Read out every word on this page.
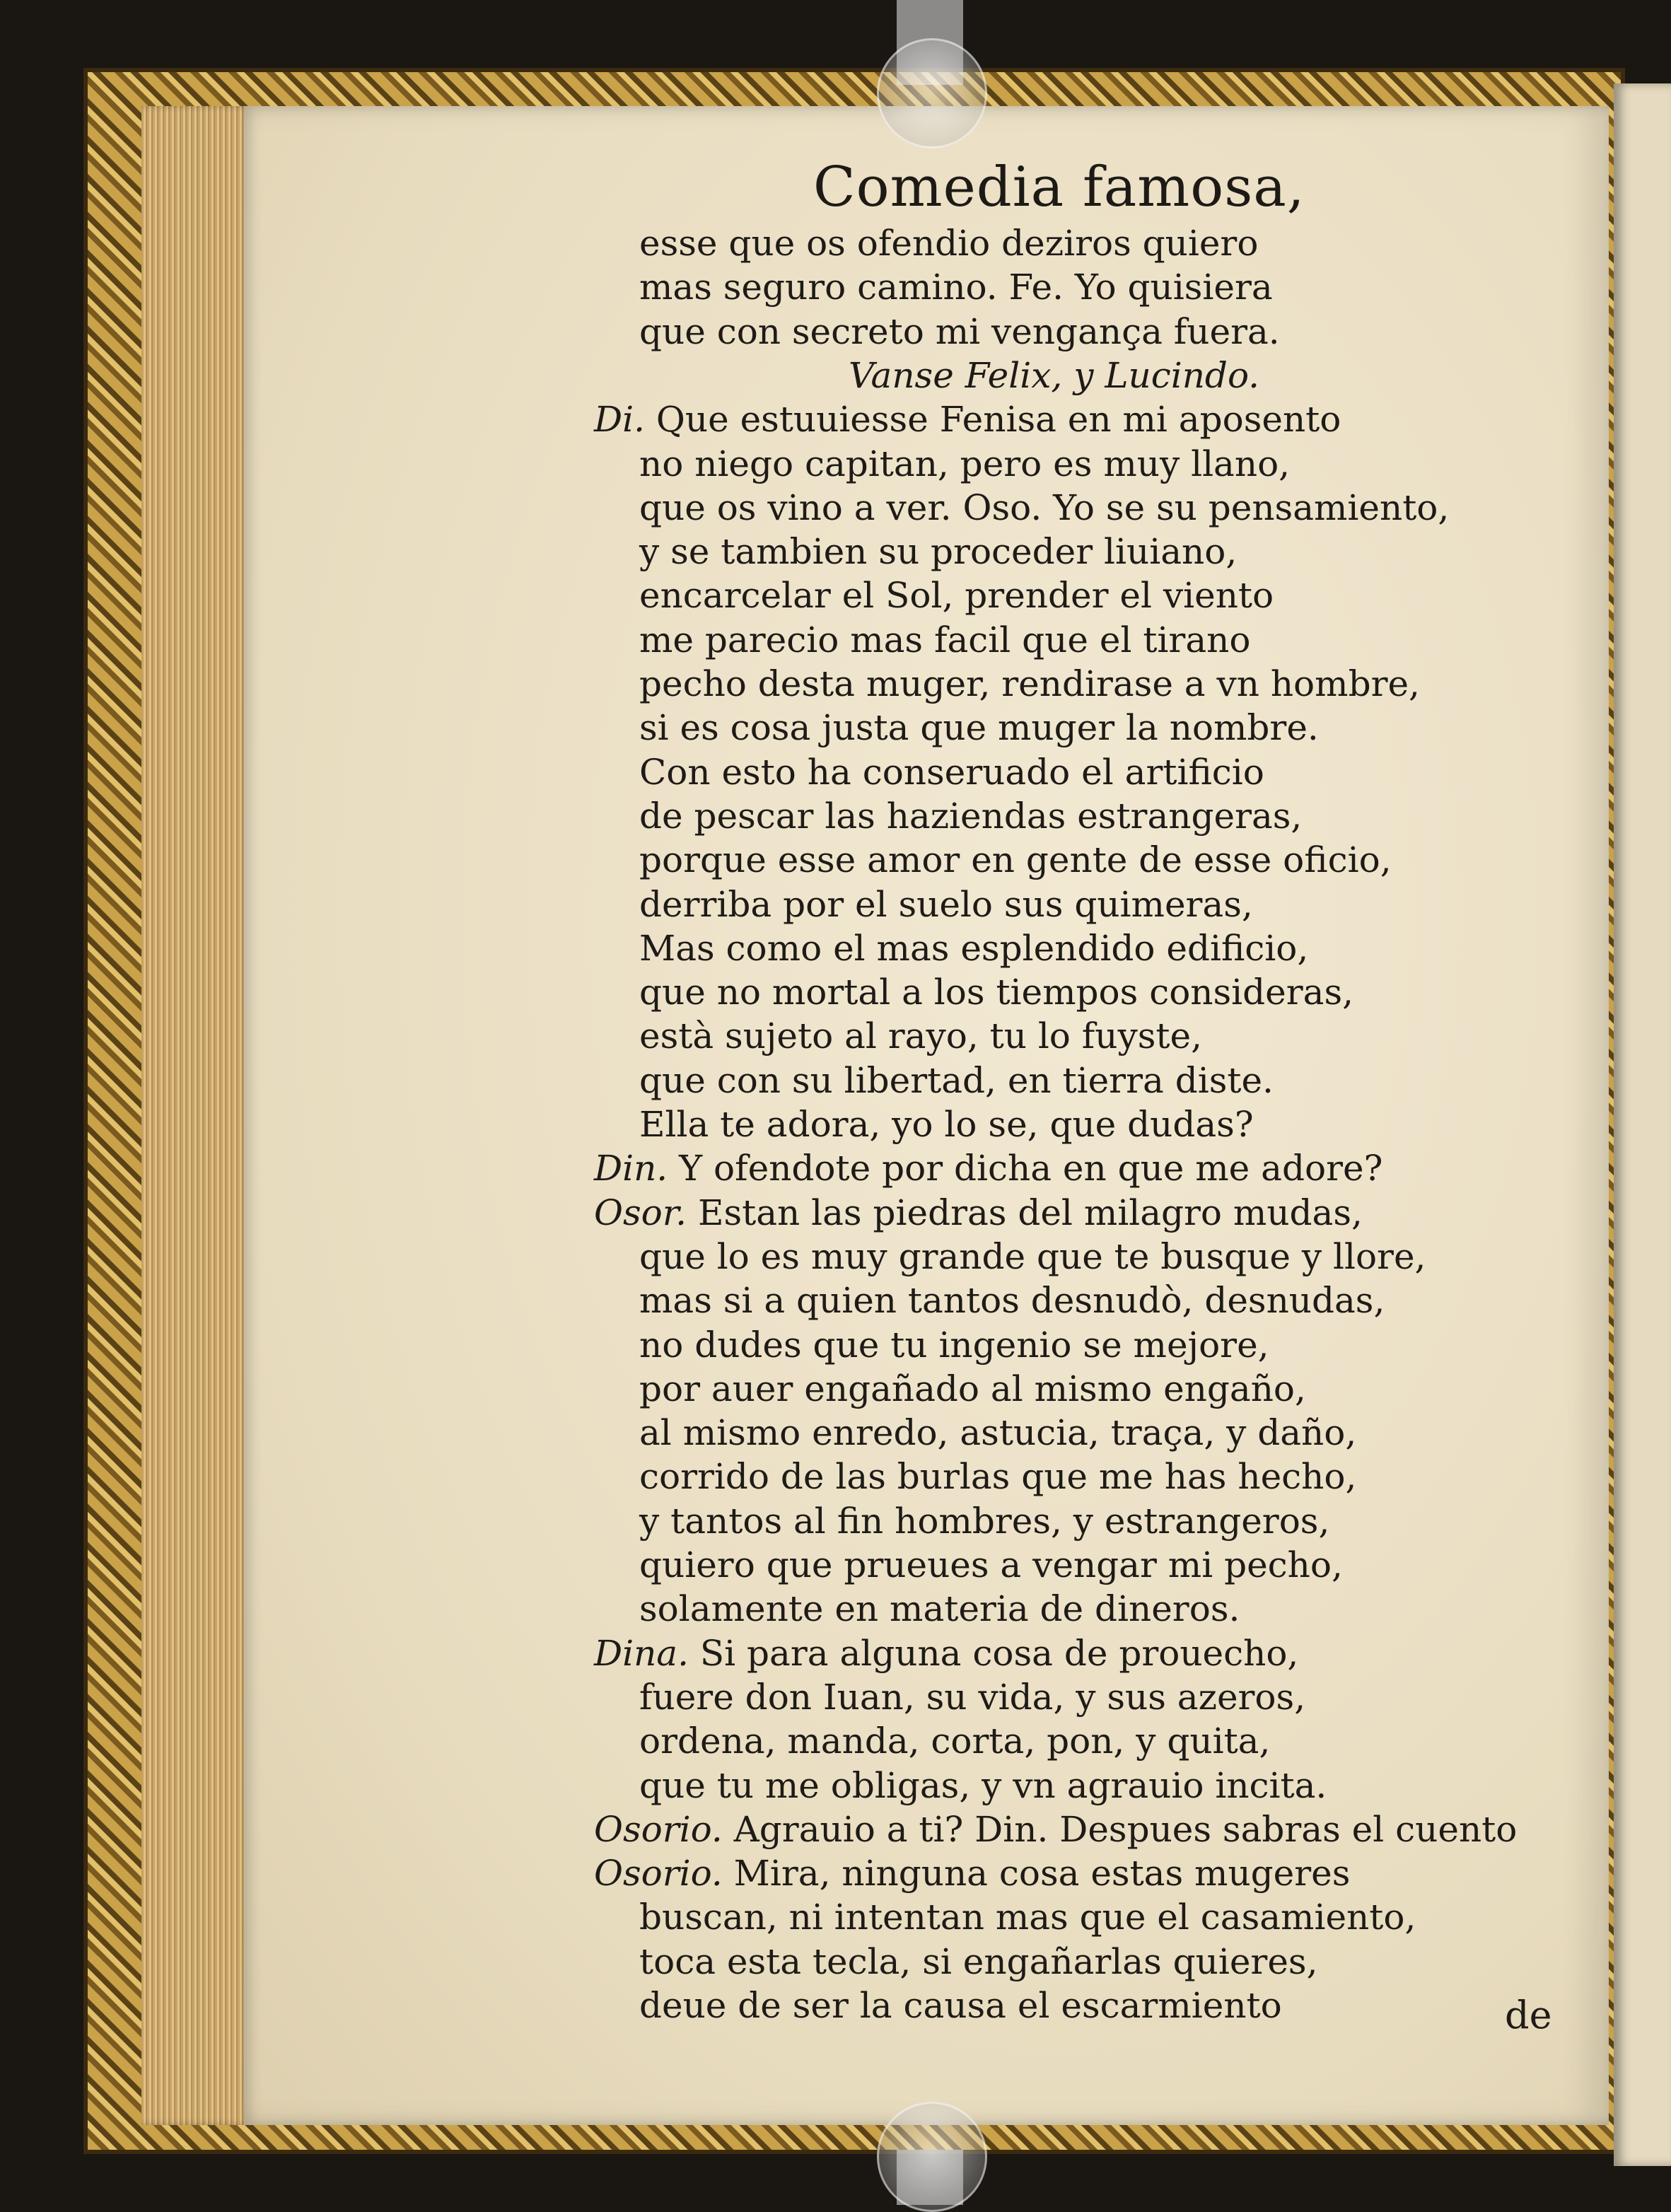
Comedia famosa,
esse que os ofendio deziros quiero
mas seguro camino. Fe. Yo quisiera
que con secreto mi vengança fuera.
Vanse Felix, y Lucindo.
Di. Que estuuiesse Fenisa en mi aposento
no niego capitan, pero es muy llano,
que os vino a ver. Oso. Yo se su pensamiento,
y se tambien su proceder liuiano,
encarcelar el Sol, prender el viento
me parecio mas facil que el tirano
pecho desta muger, rendirase a vn hombre,
si es cosa justa que muger la nombre.
Con esto ha conseruado el artificio
de pescar las haziendas estrangeras,
porque esse amor en gente de esse oficio,
derriba por el suelo sus quimeras,
Mas como el mas esplendido edificio,
que no mortal a los tiempos consideras,
està sujeto al rayo, tu lo fuyste,
que con su libertad, en tierra diste.
Ella te adora, yo lo se, que dudas?
Din. Y ofendote por dicha en que me adore?
Osor. Estan las piedras del milagro mudas,
que lo es muy grande que te busque y llore,
mas si a quien tantos desnudò, desnudas,
no dudes que tu ingenio se mejore,
por auer engañado al mismo engaño,
al mismo enredo, astucia, traça, y daño,
corrido de las burlas que me has hecho,
y tantos al fin hombres, y estrangeros,
quiero que prueues a vengar mi pecho,
solamente en materia de dineros.
Dina. Si para alguna cosa de prouecho,
fuere don Iuan, su vida, y sus azeros,
ordena, manda, corta, pon, y quita,
que tu me obligas, y vn agrauio incita.
Osorio. Agrauio a ti? Din. Despues sabras el cuento
Osorio. Mira, ninguna cosa estas mugeres
buscan, ni intentan mas que el casamiento,
toca esta tecla, si engañarlas quieres,
deue de ser la causa el escarmiento	de
